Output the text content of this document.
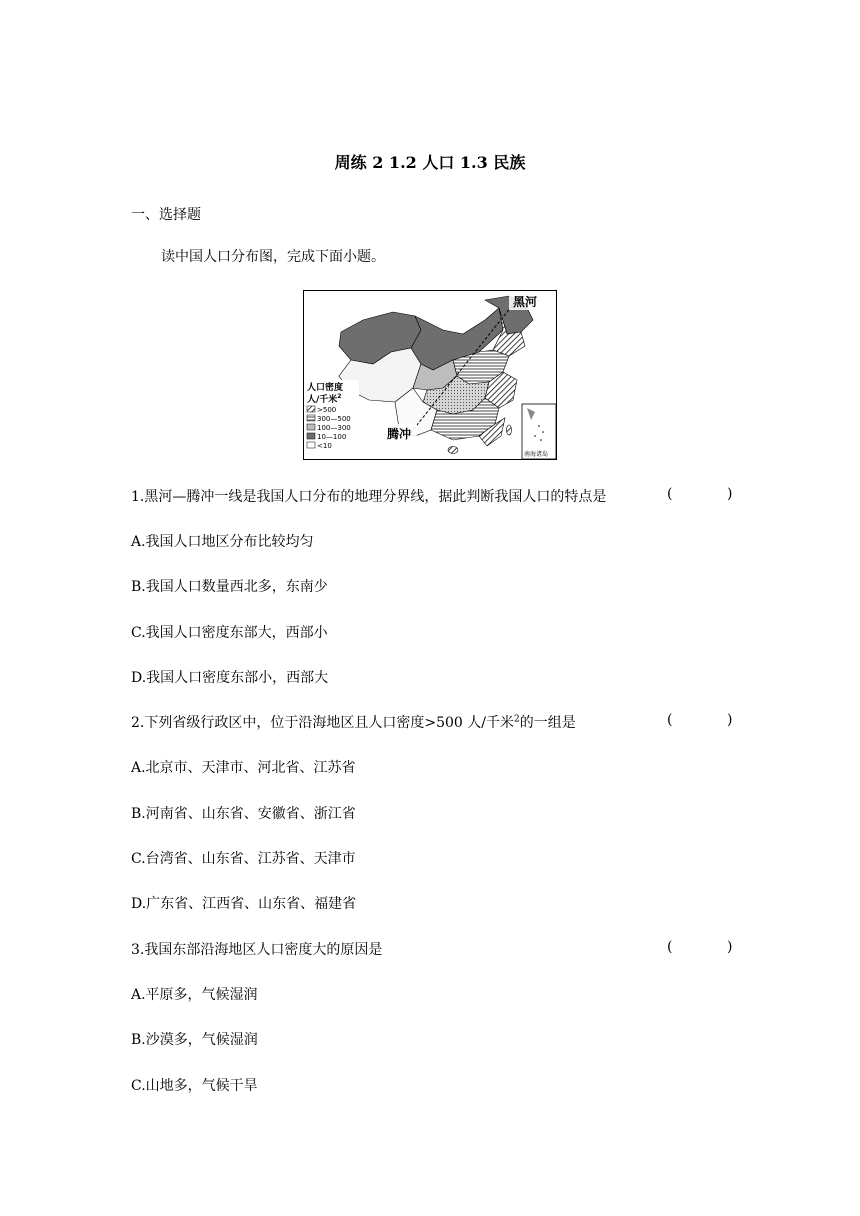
周练 2 1.2 人口 1.3 民族
一、选择题
读中国人口分布图，完成下面小题。
黑河
腾冲
人口密度
人/千米$^2$
>500
300—500
100—300
10—100
<10
南海诸岛
1.黑河—腾冲一线是我国人口分布的地理分界线，据此判断我国人口的特点是	(	)
A.我国人口地区分布比较均匀
B.我国人口数量西北多，东南少
C.我国人口密度东部大，西部小
D.我国人口密度东部小，西部大
2.下列省级行政区中，位于沿海地区且人口密度>500 人/千米$^2$的一组是	(	)
A.北京市、天津市、河北省、江苏省
B.河南省、山东省、安徽省、浙江省
C.台湾省、山东省、江苏省、天津市
D.广东省、江西省、山东省、福建省
3.我国东部沿海地区人口密度大的原因是	(	)
A.平原多，气候湿润
B.沙漠多，气候湿润
C.山地多，气候干旱
